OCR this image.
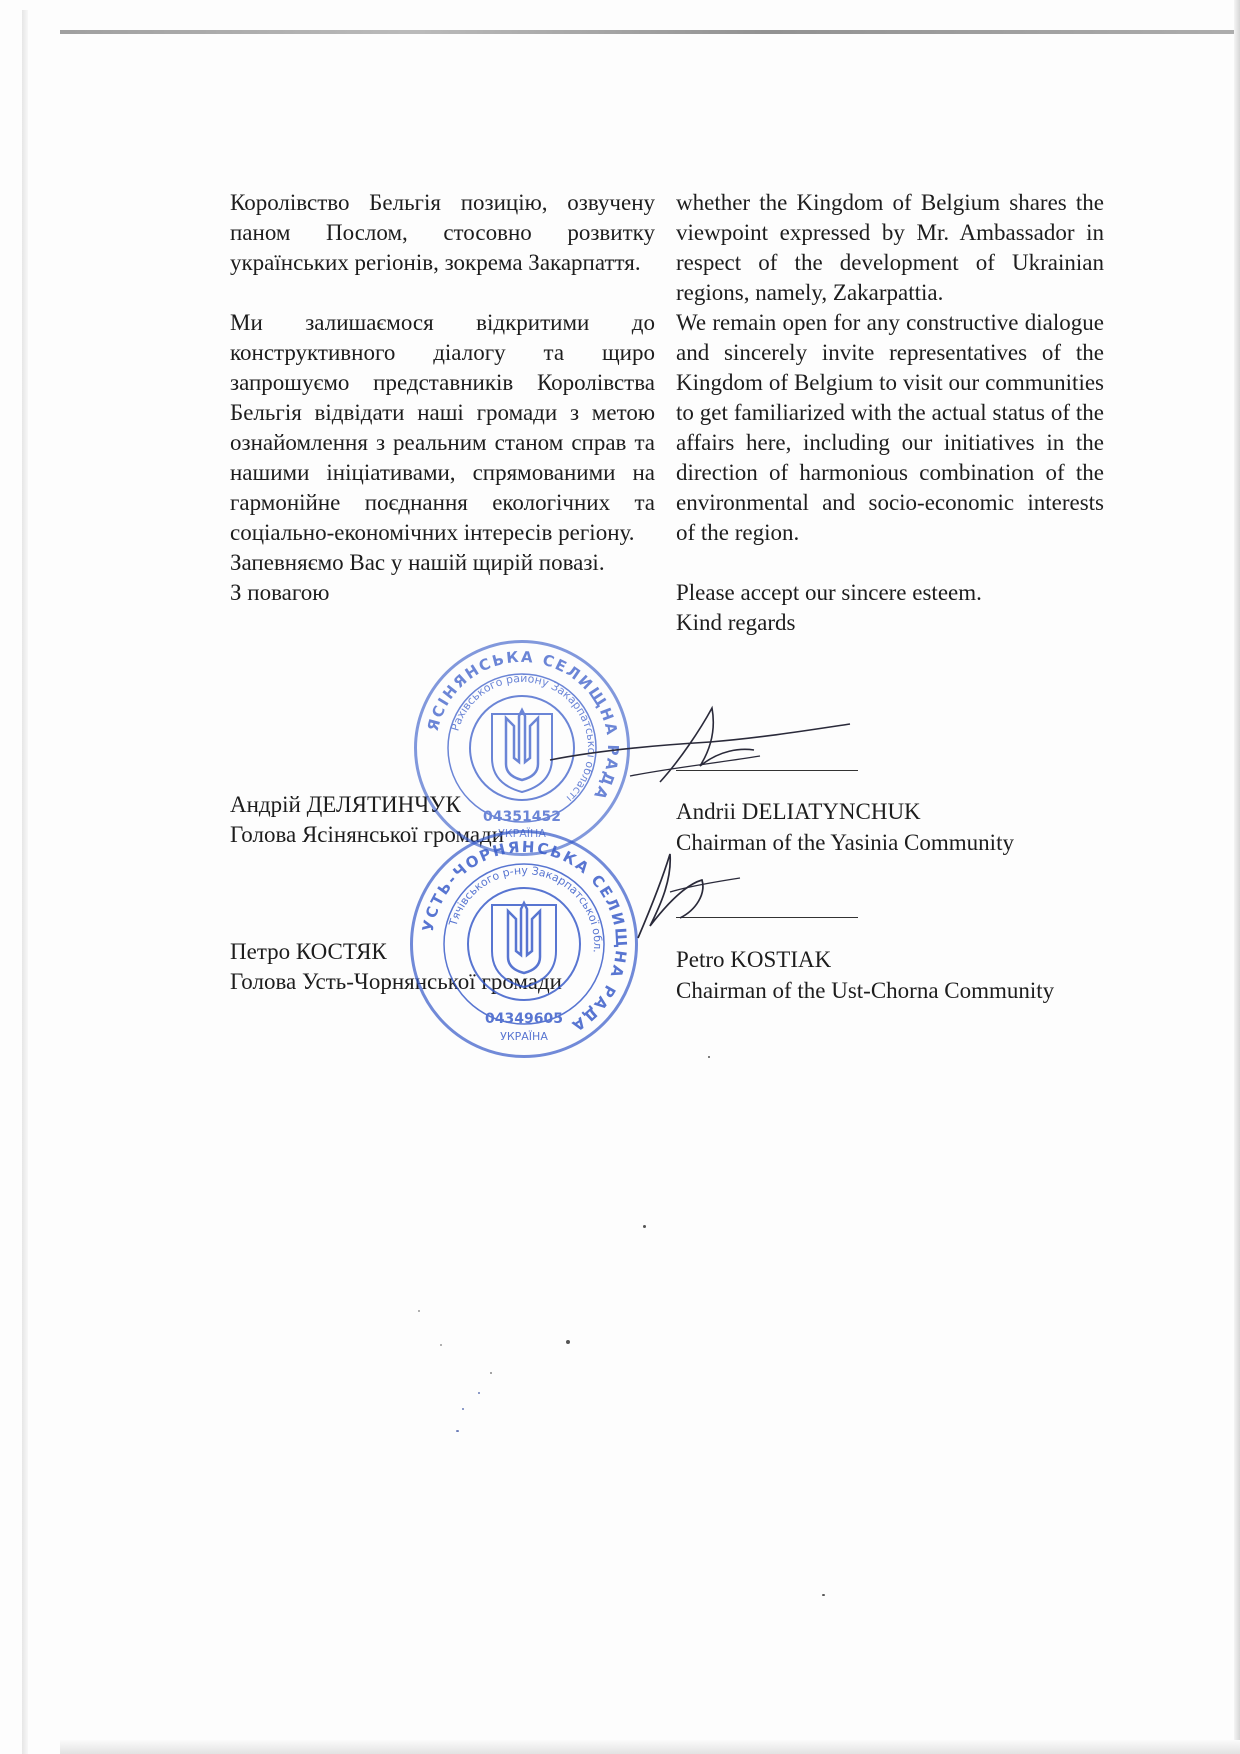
Королівство Бельгія позицію, озвучену паном Послом, стосовно розвитку українських регіонів, зокрема Закарпаття.

Ми залишаємося відкритими до конструктивного діалогу та щиро запрошуємо представників Королівства Бельгія відвідати наші громади з метою ознайомлення з реальним станом справ та нашими ініціативами, спрямованими на гармонійне поєднання екологічних та соціально-економічних інтересів регіону.

Запевняємо Вас у нашій щирій повазі.

З повагою

whether the Kingdom of Belgium shares the viewpoint expressed by Mr. Ambassador in respect of the development of Ukrainian regions, namely, Zakarpattia.

We remain open for any constructive dialogue and sincerely invite representatives of the Kingdom of Belgium to visit our communities to get familiarized with the actual status of the affairs here, including our initiatives in the direction of harmonious combination of the environmental and socio-economic interests of the region.

Please accept our sincere esteem.

Kind regards

Андрій ДЕЛЯТИНЧУК
Голова Ясінянської громади
Andrii DELIATYNCHUK
Chairman of the Yasinia Community
Петро КОСТЯК
Голова Усть-Чорнянської громади
Petro KOSTIAK
Chairman of the Ust-Chorna Community
ЯСІНЯНСЬКА СЕЛИЩНА РАДА
Рахівського району Закарпатської області
04351452
УКРАЇНА
УСТЬ-ЧОРНЯНСЬКА СЕЛИЩНА РАДА
Тячівського р-ну Закарпатської обл.
04349605
УКРАЇНА
